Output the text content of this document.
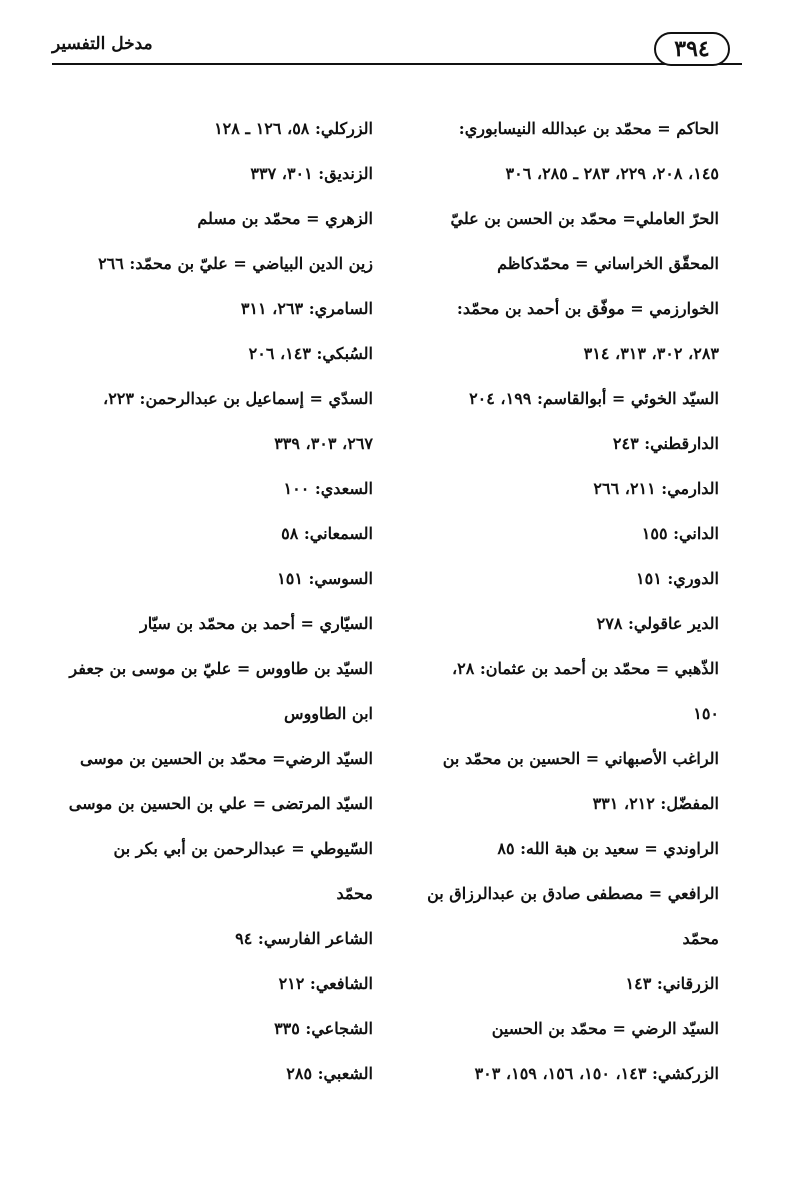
مدخل التفسير	٣٩٤
الحاكم = محمّد بن عبدالله النيسابوري:
١٤٥، ٢٠٨، ٢٢٩، ٢٨٣ ـ ٢٨٥، ٣٠٦
الحرّ العاملي= محمّد بن الحسن بن عليّ
المحقّق الخراساني = محمّدكاظم
الخوارزمي = موفّق بن أحمد بن محمّد:
٢٨٣، ٣٠٢، ٣١٣، ٣١٤
السيّد الخوئي = أبوالقاسم: ١٩٩، ٢٠٤
الدارقطني: ٢٤٣
الدارمي: ٢١١، ٢٦٦
الداني: ١٥٥
الدوري: ١٥١
الدير عاقولي: ٢٧٨
الذّهبي = محمّد بن أحمد بن عثمان: ٢٨،
١٥٠
الراغب الأصبهاني = الحسين بن محمّد بن
المفضّل: ٢١٢، ٣٣١
الراوندي = سعيد بن هبة الله: ٨٥
الرافعي = مصطفى صادق بن عبدالرزاق بن
محمّد
الزرقاني: ١٤٣
السيّد الرضي = محمّد بن الحسين
الزركشي: ١٤٣، ١٥٠، ١٥٦، ١٥٩، ٣٠٣
الزركلي: ٥٨، ١٢٦ ـ ١٢٨
الزنديق: ٣٠١، ٣٣٧
الزهري = محمّد بن مسلم
زين الدين البياضي = عليّ بن محمّد: ٢٦٦
السامري: ٢٦٣، ٣١١
السُبكي: ١٤٣، ٢٠٦
السدّي = إسماعيل بن عبدالرحمن: ٢٢٣،
٢٦٧، ٣٠٣، ٣٣٩
السعدي: ١٠٠
السمعاني: ٥٨
السوسي: ١٥١
السيّاري = أحمد بن محمّد بن سيّار
السيّد بن طاووس = عليّ بن موسى بن جعفر
ابن الطاووس
السيّد الرضي= محمّد بن الحسين بن موسى
السيّد المرتضى = علي بن الحسين بن موسى
السّيوطي = عبدالرحمن بن أبي بكر بن
محمّد
الشاعر الفارسي: ٩٤
الشافعي: ٢١٢
الشجاعي: ٣٣٥
الشعبي: ٢٨٥
